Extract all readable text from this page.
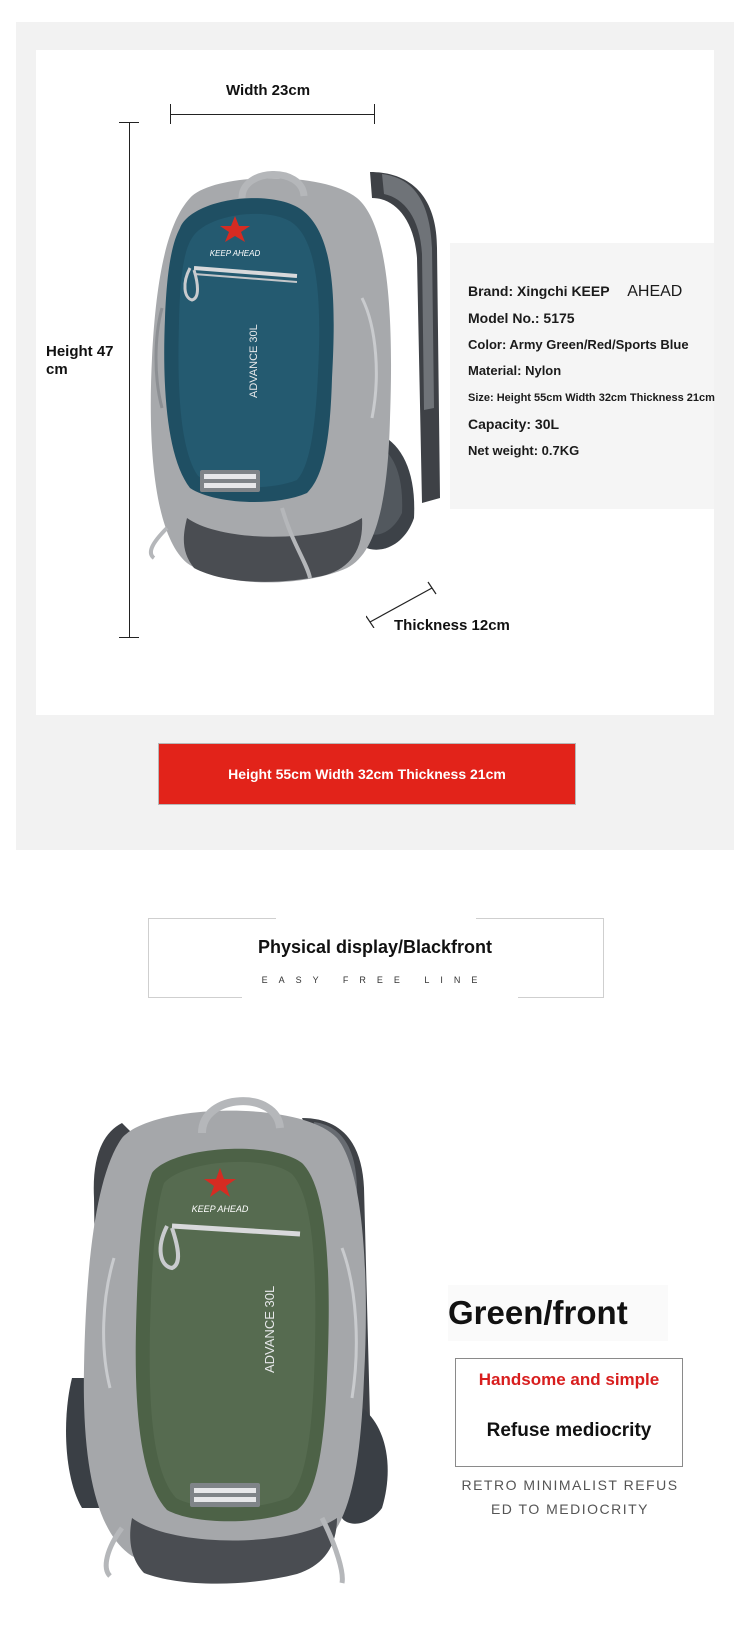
Width 23cm
Height 47 cm
Thickness 12cm
KEEP AHEAD
ADVANCE 30L
Brand: Xingchi KEEP AHEAD
Model No.: 5175
Color: Army Green/Red/Sports Blue
Material: Nylon
Size: Height 55cm Width 32cm Thickness 21cm
Capacity: 30L
Net weight: 0.7KG
Height 55cm Width 32cm Thickness 21cm
Physical display/Blackfront
EASY FREE LINE
KEEP AHEAD
ADVANCE 30L	Green/front
Handsome and simple
Refuse mediocrity
RETRO MINIMALIST REFUS
ED TO MEDIOCRITY
